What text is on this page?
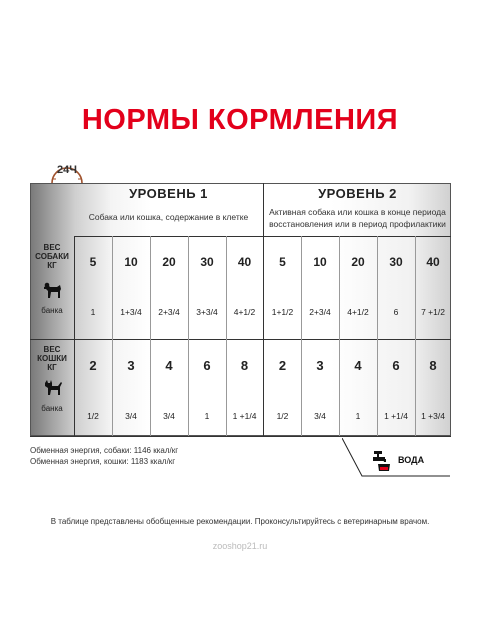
НОРМЫ КОРМЛЕНИЯ
24Ч
УРОВЕНЬ 1
Собака или кошка, содержание в клетке
УРОВЕНЬ 2
Активная собака или кошка в конце периода
восстановления или в период профилактики
ВЕС
СОБАКИ
КГ
банка
ВЕС
КОШКИ
КГ
банка
5	10	20	30	40	5	10	20	30	40
1	1+3/4	2+3/4	3+3/4	4+1/2	1+1/2	2+3/4	4+1/2	6	7 +1/2
2	3	4	6	8	2	3	4	6	8
1/2	3/4	3/4	1	1 +1/4	1/2	3/4	1	1 +1/4	1 +3/4
Обменная энергия, собаки: 1146 ккал/кг
Обменная энергия, кошки: 1183 ккал/кг	ВОДА
В таблице представлены обобщенные рекомендации. Проконсультируйтесь с ветеринарным врачом.
zooshop21.ru
